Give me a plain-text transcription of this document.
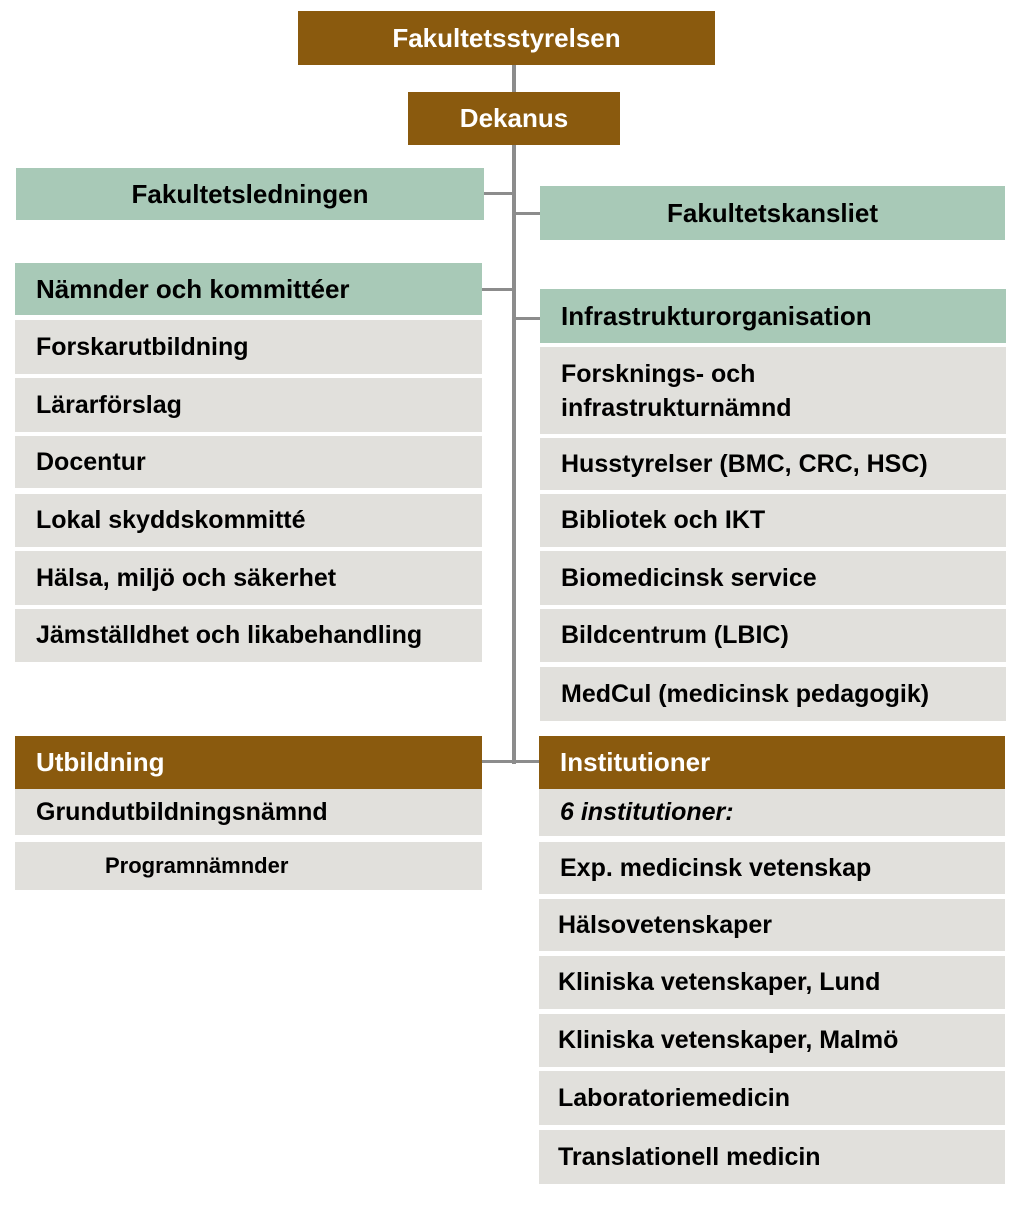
Fakultetsstyrelsen
Dekanus
Fakultetsledningen
Fakultetskansliet
Nämnder och kommittéer
Forskarutbildning
Lärarförslag
Docentur
Lokal skyddskommitté
Hälsa, miljö och säkerhet
Jämställdhet och likabehandling
Infrastrukturorganisation
Forsknings- och infrastrukturnämnd
Husstyrelser (BMC, CRC, HSC)
Bibliotek och IKT
Biomedicinsk service
Bildcentrum (LBIC)
MedCul (medicinsk pedagogik)
Utbildning
Grundutbildningsnämnd
Programnämnder
Institutioner
6 institutioner:
Exp. medicinsk vetenskap
Hälsovetenskaper
Kliniska vetenskaper, Lund
Kliniska vetenskaper, Malmö
Laboratoriemedicin
Translationell medicin
